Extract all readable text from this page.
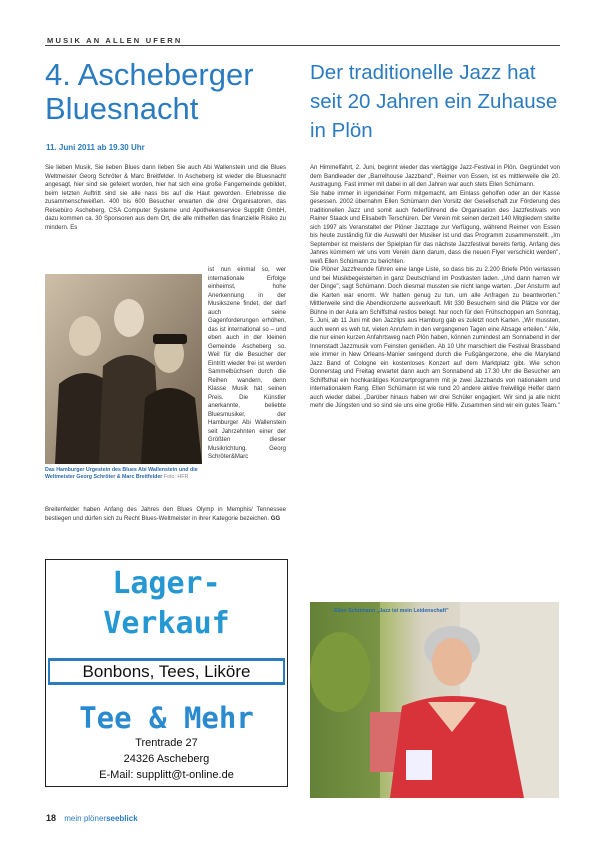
MUSIK AN ALLEN UFERN
4. Ascheberger Bluesnacht
11. Juni 2011 ab 19.30 Uhr

Sie lieben Musik, Sie lieben Blues dann lieben Sie auch Abi Wallenstein und die Blues Weltmeister Georg Schröter & Marc Breitfelder. In Ascheberg ist wieder die Bluesnacht angesagt, hier sind sie gefeiert worden, hier hat sich eine große Fangemeinde gebildet, beim letzten Auftritt sind sie alle nass bis auf die Haut geworden. Erlebnisse die zusammenschweißen. 400 bis 600 Besucher erwarten die drei Organisatoren, das Reisebüro Ascheberg, CSA Computer Systeme und Apothekenservice Supplitt GmbH, dazu kommen ca. 30 Sponsoren aus dem Ort, die alle mithelfen das finanzielle Risiko zu mindern. Es

ist nun einmal so, wer internationale Erfolge einheimst, hohe Anerkennung in der Musikszene findet, der darf auch seine Gagenforderungen erhöhen, das ist international so – und eben auch in der kleinen Gemeinde Ascheberg so. Weil für die Besucher der Eintritt wieder frei ist werden Sammelbüchsen durch die Reihen wandern, denn Klasse Musik hat seinen Preis. Die Künstler anerkannte, beliebte Bluesmusiker, der Hamburger Abi Wallenstein seit Jahrzehnten einer der Größten dieser Musikrichtung. Georg Schröter&Marc

Das Hamburger Urgestein des Blues Abi Wallenstein und die Weltmeister Georg Schröter & Marc Breitfelder Foto: HFR

Breitenfelder haben Anfang des Jahres den Blues Olymp in Memphis/ Tennessee bestiegen und dürfen sich zu Recht Blues-Weltmeister in ihrer Kategorie bezeichen. GG

Lager-
Verkauf
Bonbons, Tees, Liköre
Tee & Mehr
Trentrade 27
24326 Ascheberg
E-Mail: supplitt@t-online.de
Der traditionelle Jazz hat seit 20 Jahren ein Zuhause in Plön

An Himmelfahrt, 2. Juni, beginnt wieder das viertägige Jazz-Festival in Plön. Gegründet von dem Bandleader der „Barrelhouse Jazzband", Reimer von Essen, ist es mittlerweile die 20. Austragung. Fast immer mit dabei in all den Jahren war auch stets Ellen Schümann.

Sie habe immer in irgendeiner Form mitgemacht, am Einlass geholfen oder an der Kasse gesessen. 2002 übernahm Ellen Schümann den Vorsitz der Gesellschaft zur Förderung des traditionellen Jazz und somit auch federführend die Organisation des Jazzfestivals von Rainer Staack und Elisabeth Terschüren. Der Verein mit seinen derzeit 140 Mitgliedern stellte sich 1997 als Veranstaltet der Plöner Jazztage zur Verfügung, während Reimer von Essen bis heute zuständig für die Auswahl der Musiker ist und das Programm zusammenstellt. „Im September ist meistens der Spielplan für das nächste Jazzfestival bereits fertig. Anfang des Jahres kümmern wir uns vom Verein dann darum, dass die neuen Flyer verschickt werden", weiß Ellen Schümann zu berichten.

Die Plöner Jazzfreunde führen eine lange Liste, so dass bis zu 2.200 Briefe Plön verlassen und bei Musikbegeisterten in ganz Deutschland im Postkasten laden. „Und dann harren wir der Dinge", sagt Schümann. Doch diesmal mussten sie nicht lange warten. „Der Ansturm auf die Karten war enorm. Wir hatten genug zu tun, um alle Anfragen zu beantworten." Mittlerweile sind die Abendkonzerte ausverkauft. Mit 330 Besuchern sind die Plätze vor der Bühne in der Aula am Schiffsthal restlos belegt. Nur noch für den Frühschoppen am Sonntag, 5. Juni, ab 11 Juni mit den Jazzlips aus Hamburg gab es zuletzt noch Karten. „Wir mussten, auch wenn es weh tut, vielen Anrufern in den vergangenen Tagen eine Absage erteilen." Alle, die nur einen kurzen Anfahrtsweg nach Plön haben, können zumindest am Sonnabend in der Innenstadt Jazzmusik vom Feinsten genießen. Ab 10 Uhr marschiert die Festival Brassband wie immer in New Orleans-Manier swingend durch die Fußgängerzone, ehe die Maryland Jazz Band of Cologne ein kostenloses Konzert auf dem Marktplatz gibt. Wie schon Donnerstag und Freitag erwartet dann auch am Sonnabend ab 17.30 Uhr die Besucher am Schiffsthal ein hochkarätiges Konzertprogramm mit je zwei Jazzbands von nationalem und internationalem Rang. Ellen Schümann ist wie rund 20 andere aktive freiwillige Helfer dann auch wieder dabei. „Darüber hinaus haben wir drei Schüler engagiert. Wir sind ja alle nicht mehr die Jüngsten und so sind sie uns eine große Hilfe. Zusammen sind wir ein gutes Team."

Ellen Schümann „Jazz ist mein Leidenschaft"
18 mein plönerseeblick
